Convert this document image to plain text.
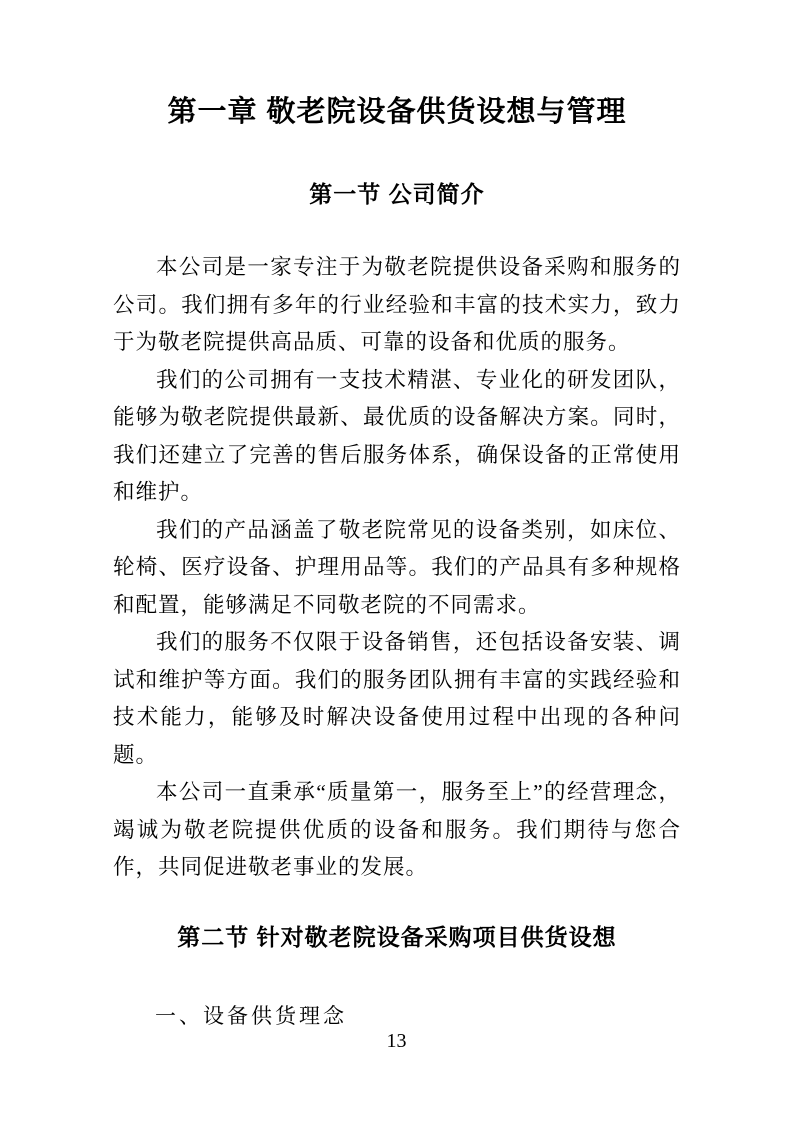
第一章 敬老院设备供货设想与管理
第一节 公司简介

本公司是一家专注于为敬老院提供设备采购和服务的公司。我们拥有多年的行业经验和丰富的技术实力，致力于为敬老院提供高品质、可靠的设备和优质的服务。

我们的公司拥有一支技术精湛、专业化的研发团队，能够为敬老院提供最新、最优质的设备解决方案。同时，我们还建立了完善的售后服务体系，确保设备的正常使用和维护。

我们的产品涵盖了敬老院常见的设备类别，如床位、轮椅、医疗设备、护理用品等。我们的产品具有多种规格和配置，能够满足不同敬老院的不同需求。

我们的服务不仅限于设备销售，还包括设备安装、调试和维护等方面。我们的服务团队拥有丰富的实践经验和技术能力，能够及时解决设备使用过程中出现的各种问题。

本公司一直秉承“质量第一，服务至上”的经营理念，竭诚为敬老院提供优质的设备和服务。我们期待与您合作，共同促进敬老事业的发展。

第二节 针对敬老院设备采购项目供货设想
一、设备供货理念
13
